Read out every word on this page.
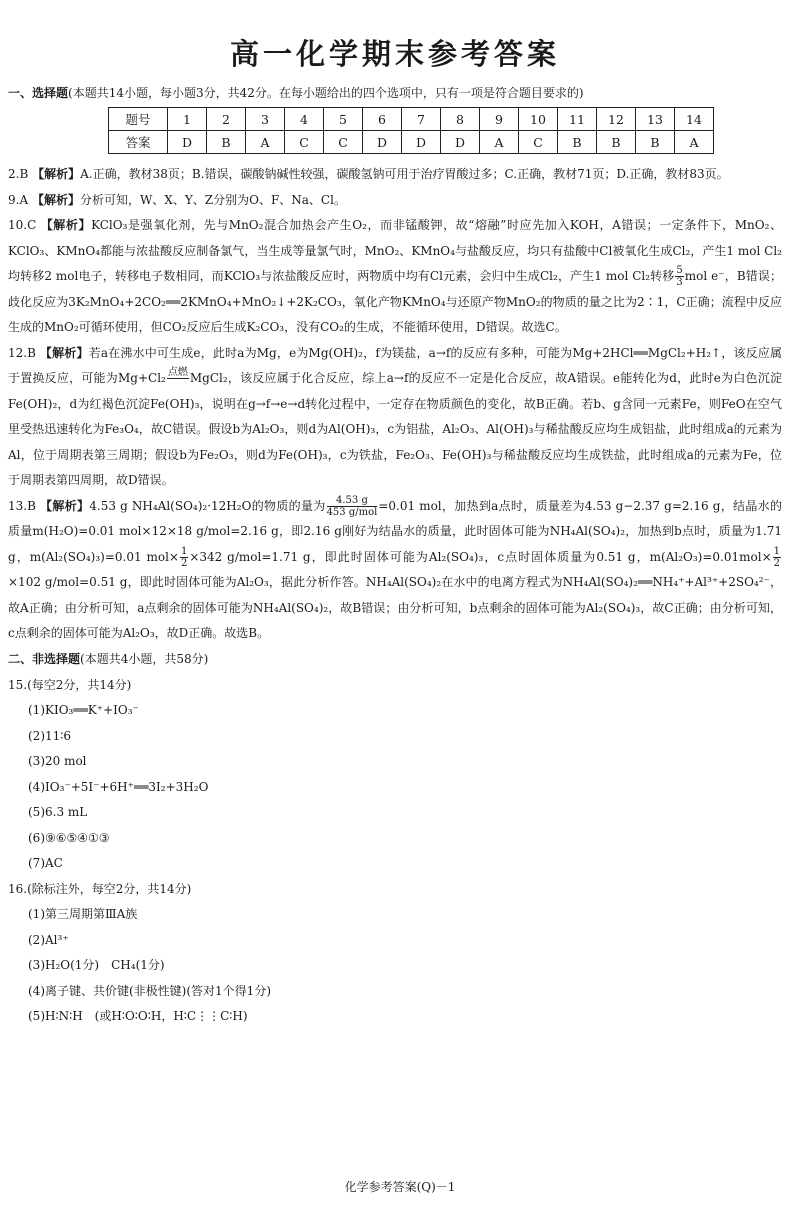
高一化学期末参考答案
一、选择题(本题共14小题，每小题3分，共42分。在每小题给出的四个选项中，只有一项是符合题目要求的)
题号	1	2	3	4	5	6	7	8	9	10	11	12	13	14
答案	D	B	A	C	C	D	D	D	A	C	B	B	B	A
2.B 【解析】A.正确，教材38页；B.错误，碳酸钠碱性较强，碳酸氢钠可用于治疗胃酸过多；C.正确，教材71页；D.正确，教材83页。
9.A 【解析】分析可知，W、X、Y、Z分别为O、F、Na、Cl。
10.C 【解析】KClO₃是强氧化剂，先与MnO₂混合加热会产生O₂，而非锰酸钾，故“熔融”时应先加入KOH，A错误；一定条件下，MnO₂、KClO₃、KMnO₄都能与浓盐酸反应制备氯气，当生成等量氯气时，MnO₂、KMnO₄与盐酸反应，均只有盐酸中Cl被氧化生成Cl₂，产生1 mol Cl₂均转移2 mol电子，转移电子数相同，而KClO₃与浓盐酸反应时，两物质中均有Cl元素，会归中生成Cl₂，产生1 mol Cl₂转移 $\frac{5}{3}$ mol e⁻，B错误；歧化反应为3K₂MnO₄+2CO₂══2KMnO₄+MnO₂↓+2K₂CO₃，氧化产物KMnO₄与还原产物MnO₂的物质的量之比为2∶1，C正确；流程中反应生成的MnO₂可循环使用，但CO₂反应后生成K₂CO₃，没有CO₂的生成，不能循环使用，D错误。故选C。
12.B 【解析】若a在沸水中可生成e，此时a为Mg，e为Mg(OH)₂，f为镁盐，a→f的反应有多种，可能为Mg+2HCl══MgCl₂+H₂↑，该反应属于置换反应，可能为Mg+Cl₂ 点燃 MgCl₂，该反应属于化合反应，综上a→f的反应不一定是化合反应，故A错误。e能转化为d，此时e为白色沉淀Fe(OH)₂，d为红褐色沉淀Fe(OH)₃，说明在g→f→e→d转化过程中，一定存在物质颜色的变化，故B正确。若b、g含同一元素Fe，则FeO在空气里受热迅速转化为Fe₃O₄，故C错误。假设b为Al₂O₃，则d为Al(OH)₃，c为铝盐，Al₂O₃、Al(OH)₃与稀盐酸反应均生成铝盐，此时组成a的元素为Al，位于周期表第三周期；假设b为Fe₂O₃，则d为Fe(OH)₃，c为铁盐，Fe₂O₃、Fe(OH)₃与稀盐酸反应均生成铁盐，此时组成a的元素为Fe，位于周期表第四周期，故D错误。
13.B 【解析】4.53 g NH₄Al(SO₄)₂·12H₂O的物质的量为 $\frac{4.53 g}{\text{453 g/mol}} =0.01$ mol，加热到a点时，质量差为4.53 g−2.37 g=2.16 g，结晶水的质量m(H₂O)=0.01 mol×12×18 g/mol=2.16 g，即2.16 g刚好为结晶水的质量，此时固体可能为NH₄Al(SO₄)₂，加热到b点时，质量为1.71 g，m(Al₂(SO₄)₃)=0.01 $mol\times \frac{1}{2} \times 342$ g/mol=1.71 g，即此时固体可能为Al₂(SO₄)₃，c点时固体质量为0.51 g，$m(Al_2O_3)=0.01mol\times \frac{1}{2}$
×102 g/mol=0.51 g，即此时固体可能为Al₂O₃，据此分析作答。NH₄Al(SO₄)₂在水中的电离方程式为NH₄Al(SO₄)₂══NH₄⁺+Al³⁺+2SO₄²⁻，故A正确；由分析可知，a点剩余的固体可能为NH₄Al(SO₄)₂，故B错误；由分析可知，b点剩余的固体可能为Al₂(SO₄)₃，故C正确；由分析可知，c点剩余的固体可能为Al₂O₃，故D正确。故选B。
二、非选择题(本题共4小题，共58分)
15.(每空2分，共14分)
(1)KIO₃══K⁺+IO₃⁻
(2)11∶6
(3)20 mol
(4)IO₃⁻+5I⁻+6H⁺══3I₂+3H₂O
(5)6.3 mL
(6)⑨⑥⑤④①③
(7)AC
16.(除标注外，每空2分，共14分)
(1)第三周期第ⅢA族
(2)Al³⁺
(3)H₂O(1分)　CH₄(1分)
(4)离子键、共价键(非极性键)(答对1个得1分)
(5)H∶N∶H　(或H∶O∶O∶H，H∶C⋮⋮C∶H)
化学参考答案(Q)－1
